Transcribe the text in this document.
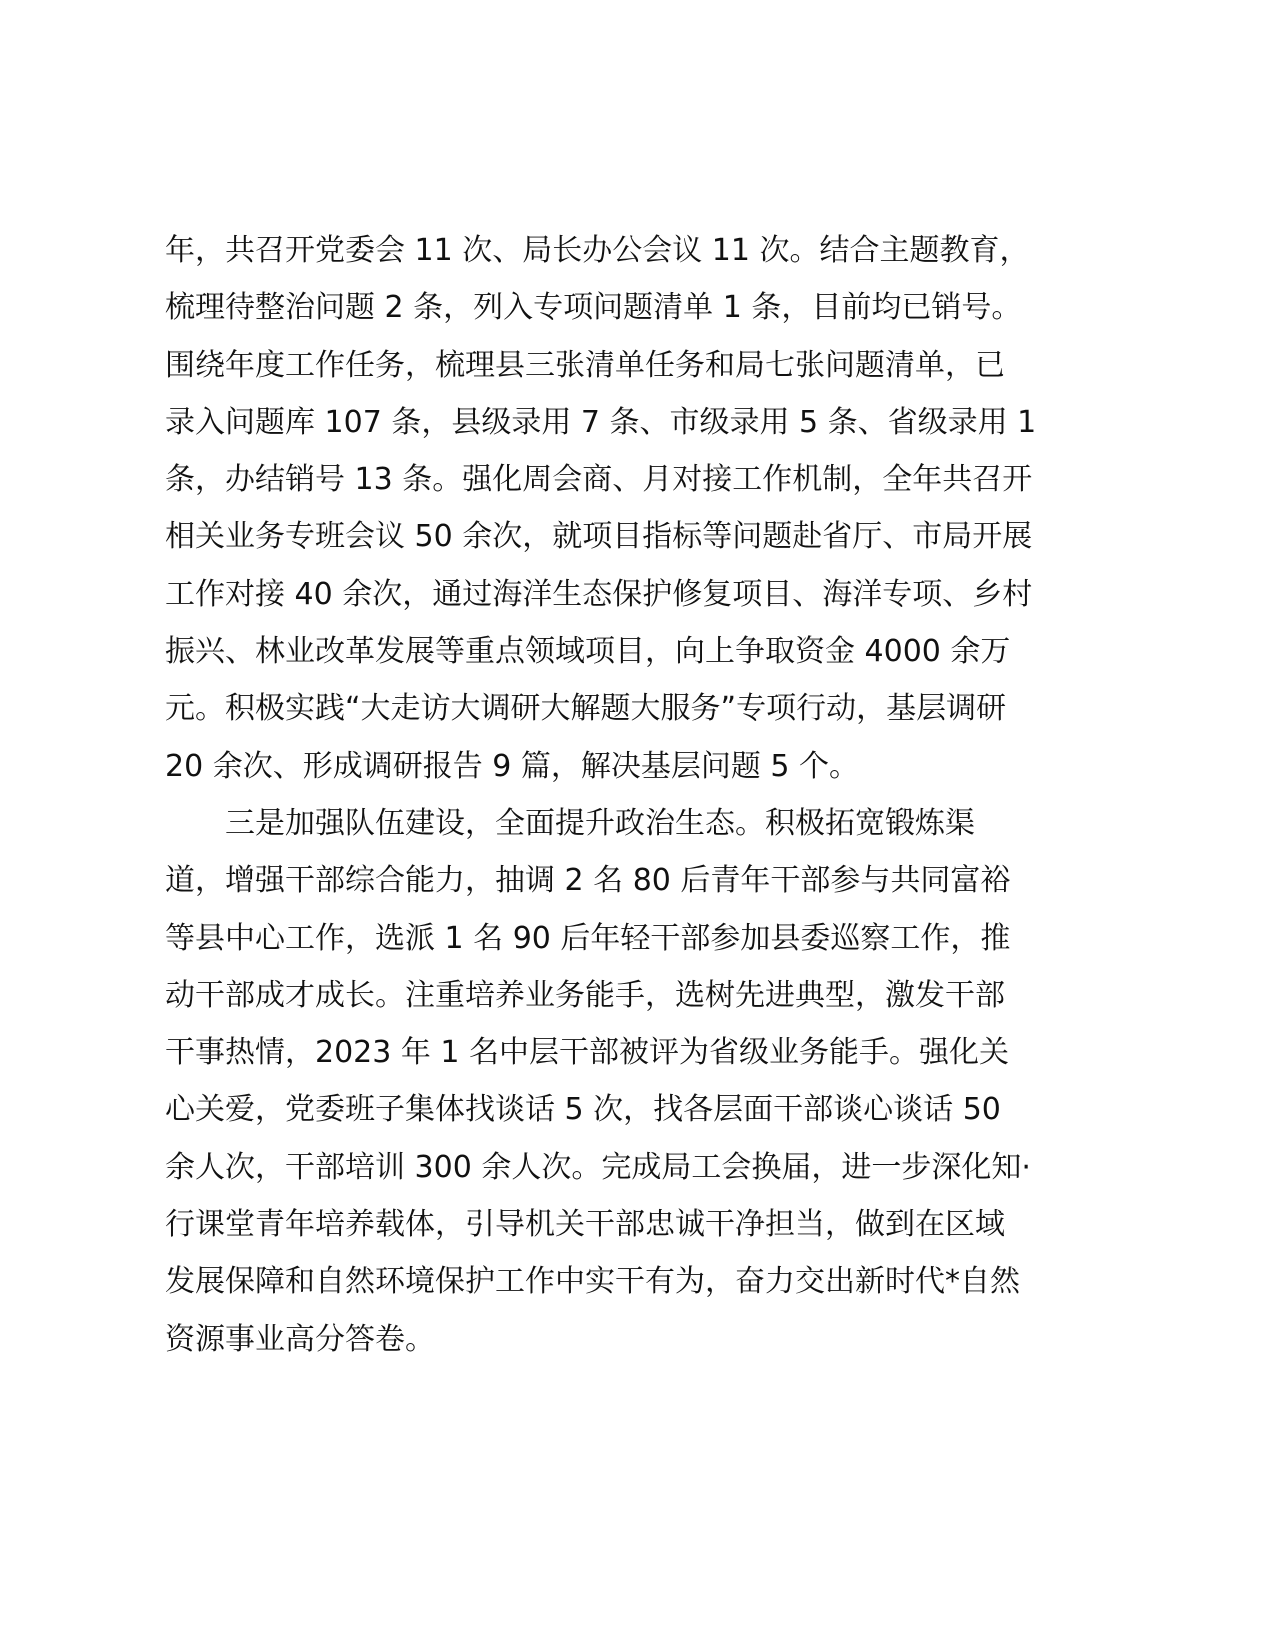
年，共召开党委会 11 次、局长办公会议 11 次。结合主题教育，
梳理待整治问题 2 条，列入专项问题清单 1 条，目前均已销号。
围绕年度工作任务，梳理县三张清单任务和局七张问题清单，已
录入问题库 107 条，县级录用 7 条、市级录用 5 条、省级录用 1
条，办结销号 13 条。强化周会商、月对接工作机制，全年共召开
相关业务专班会议 50 余次，就项目指标等问题赴省厅、市局开展
工作对接 40 余次，通过海洋生态保护修复项目、海洋专项、乡村
振兴、林业改革发展等重点领域项目，向上争取资金 4000 余万
元。积极实践“大走访大调研大解题大服务”专项行动，基层调研
20 余次、形成调研报告 9 篇，解决基层问题 5 个。
三是加强队伍建设，全面提升政治生态。积极拓宽锻炼渠
道，增强干部综合能力，抽调 2 名 80 后青年干部参与共同富裕
等县中心工作，选派 1 名 90 后年轻干部参加县委巡察工作，推
动干部成才成长。注重培养业务能手，选树先进典型，激发干部
干事热情，2023 年 1 名中层干部被评为省级业务能手。强化关
心关爱，党委班子集体找谈话 5 次，找各层面干部谈心谈话 50
余人次，干部培训 300 余人次。完成局工会换届，进一步深化知·
行课堂青年培养载体，引导机关干部忠诚干净担当，做到在区域
发展保障和自然环境保护工作中实干有为，奋力交出新时代*自然
资源事业高分答卷。
